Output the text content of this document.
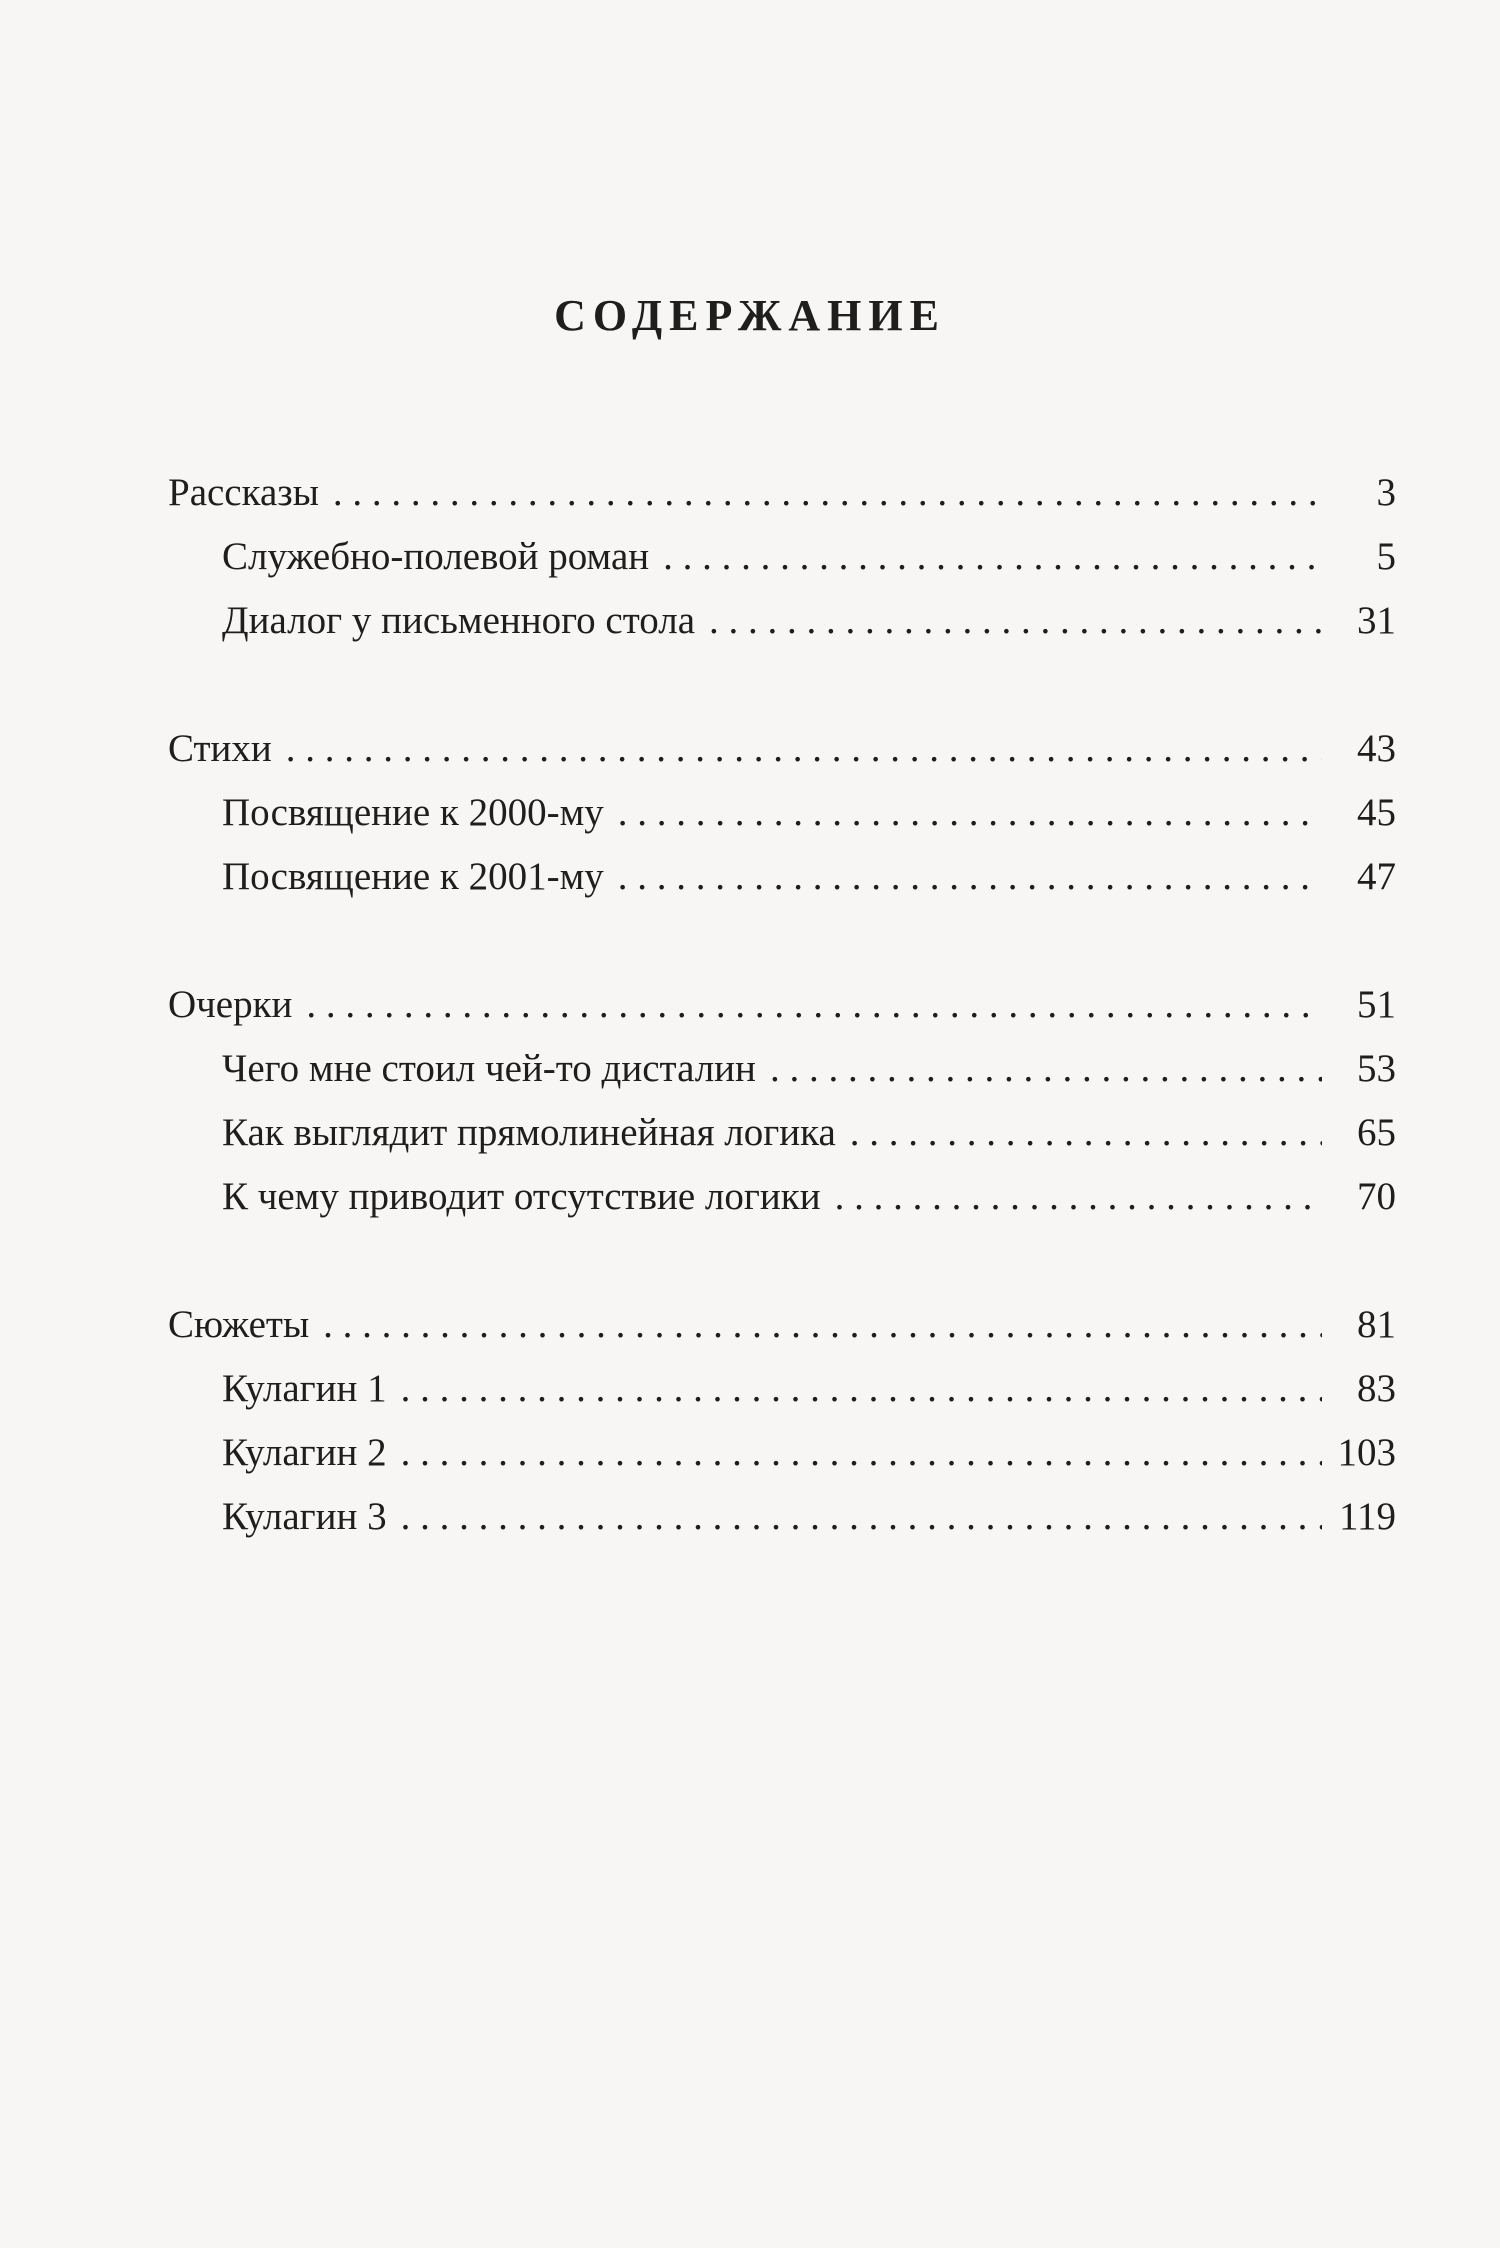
СОДЕРЖАНИЕ
Рассказы . . .	3
Служебно-полевой роман . . .	5
Диалог у письменного стола . . .	31
Стихи . . .	43
Посвящение к 2000-му . . .	45
Посвящение к 2001-му . . .	47
Очерки . . .	51
Чего мне стоил чей-то дисталин . . .	53
Как выглядит прямолинейная логика . . .	65
К чему приводит отсутствие логики . . .	70
Сюжеты . . .	81
Кулагин 1 . . .	83
Кулагин 2 . . .	103
Кулагин 3 . . .	119
